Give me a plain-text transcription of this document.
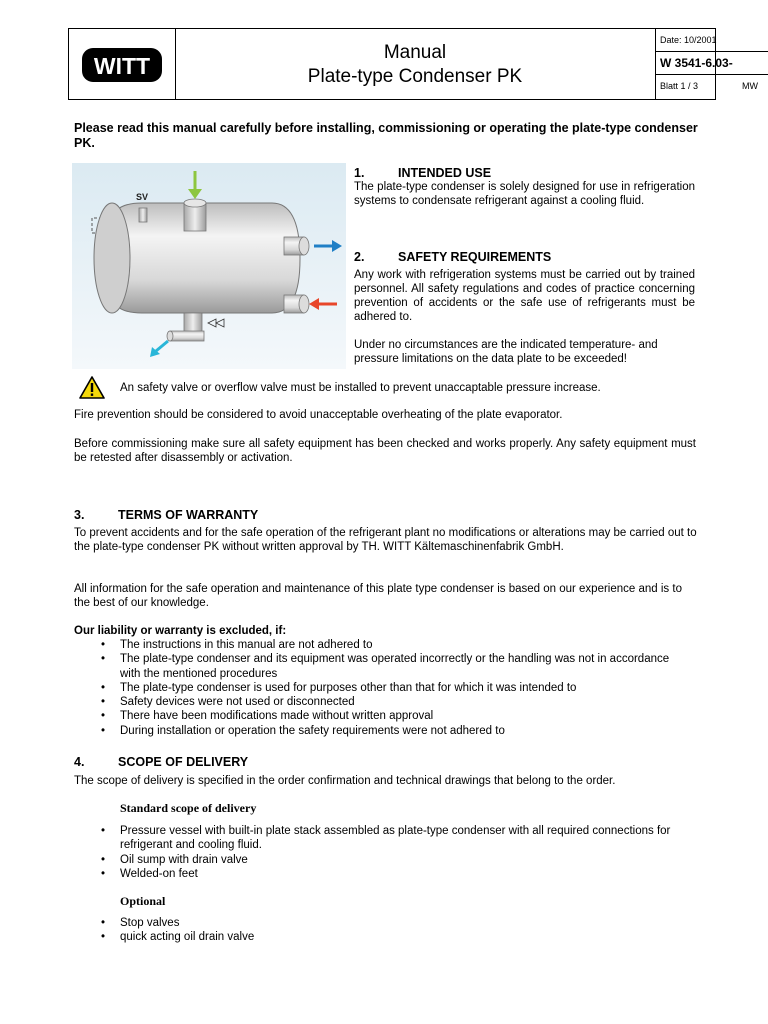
WITT
Manual
Plate-type Condenser PK
Date: 10/2001
W 3541-6.03-
Blatt 1 / 3	MW
Please read this manual carefully before installing, commissioning or operating the plate-type condenser PK.
SV
1.	INTENDED USE
The plate-type condenser is solely designed for use in refrigeration systems to condensate refrigerant against a cooling fluid.
2.	SAFETY REQUIREMENTS
Any work with refrigeration systems must be carried out by trained personnel. All safety regulations and codes of practice concerning prevention of accidents or the safe use of refrigerants must be adhered to.
Under no circumstances are the indicated temperature- and pressure limitations on the data plate to be exceeded!
An safety valve or overflow valve must be installed to prevent unaccaptable pressure increase.
Fire prevention should be considered to avoid unacceptable overheating of the plate evaporator.
Before commissioning make sure all safety equipment has been checked and works properly. Any safety equipment must be retested after disassembly or activation.
3.	TERMS OF WARRANTY
To prevent accidents and for the safe operation of the refrigerant plant no modifications or alterations may be carried out to the plate-type condenser PK without written approval by TH. WITT Kältemaschinenfabrik GmbH.
All information for the safe operation and maintenance of this plate type condenser is based on our experience and is to the best of our knowledge.
Our liability or warranty is excluded, if:
• The instructions in this manual are not adhered to
• The plate-type condenser and its equipment was operated incorrectly or the handling was not in accordance with the mentioned procedures
• The plate-type condenser is used for purposes other than that for which it was intended to
• Safety devices were not used or disconnected
• There have been modifications made without written approval
• During installation or operation the safety requirements were not adhered to
4.	SCOPE OF DELIVERY
The scope of delivery is specified in the order confirmation and technical drawings that belong to the order.
Standard scope of delivery
• Pressure vessel with built-in plate stack assembled as plate-type condenser with all required connections for refrigerant and cooling fluid.
• Oil sump with drain valve
• Welded-on feet
Optional
• Stop valves
• quick acting oil drain valve
